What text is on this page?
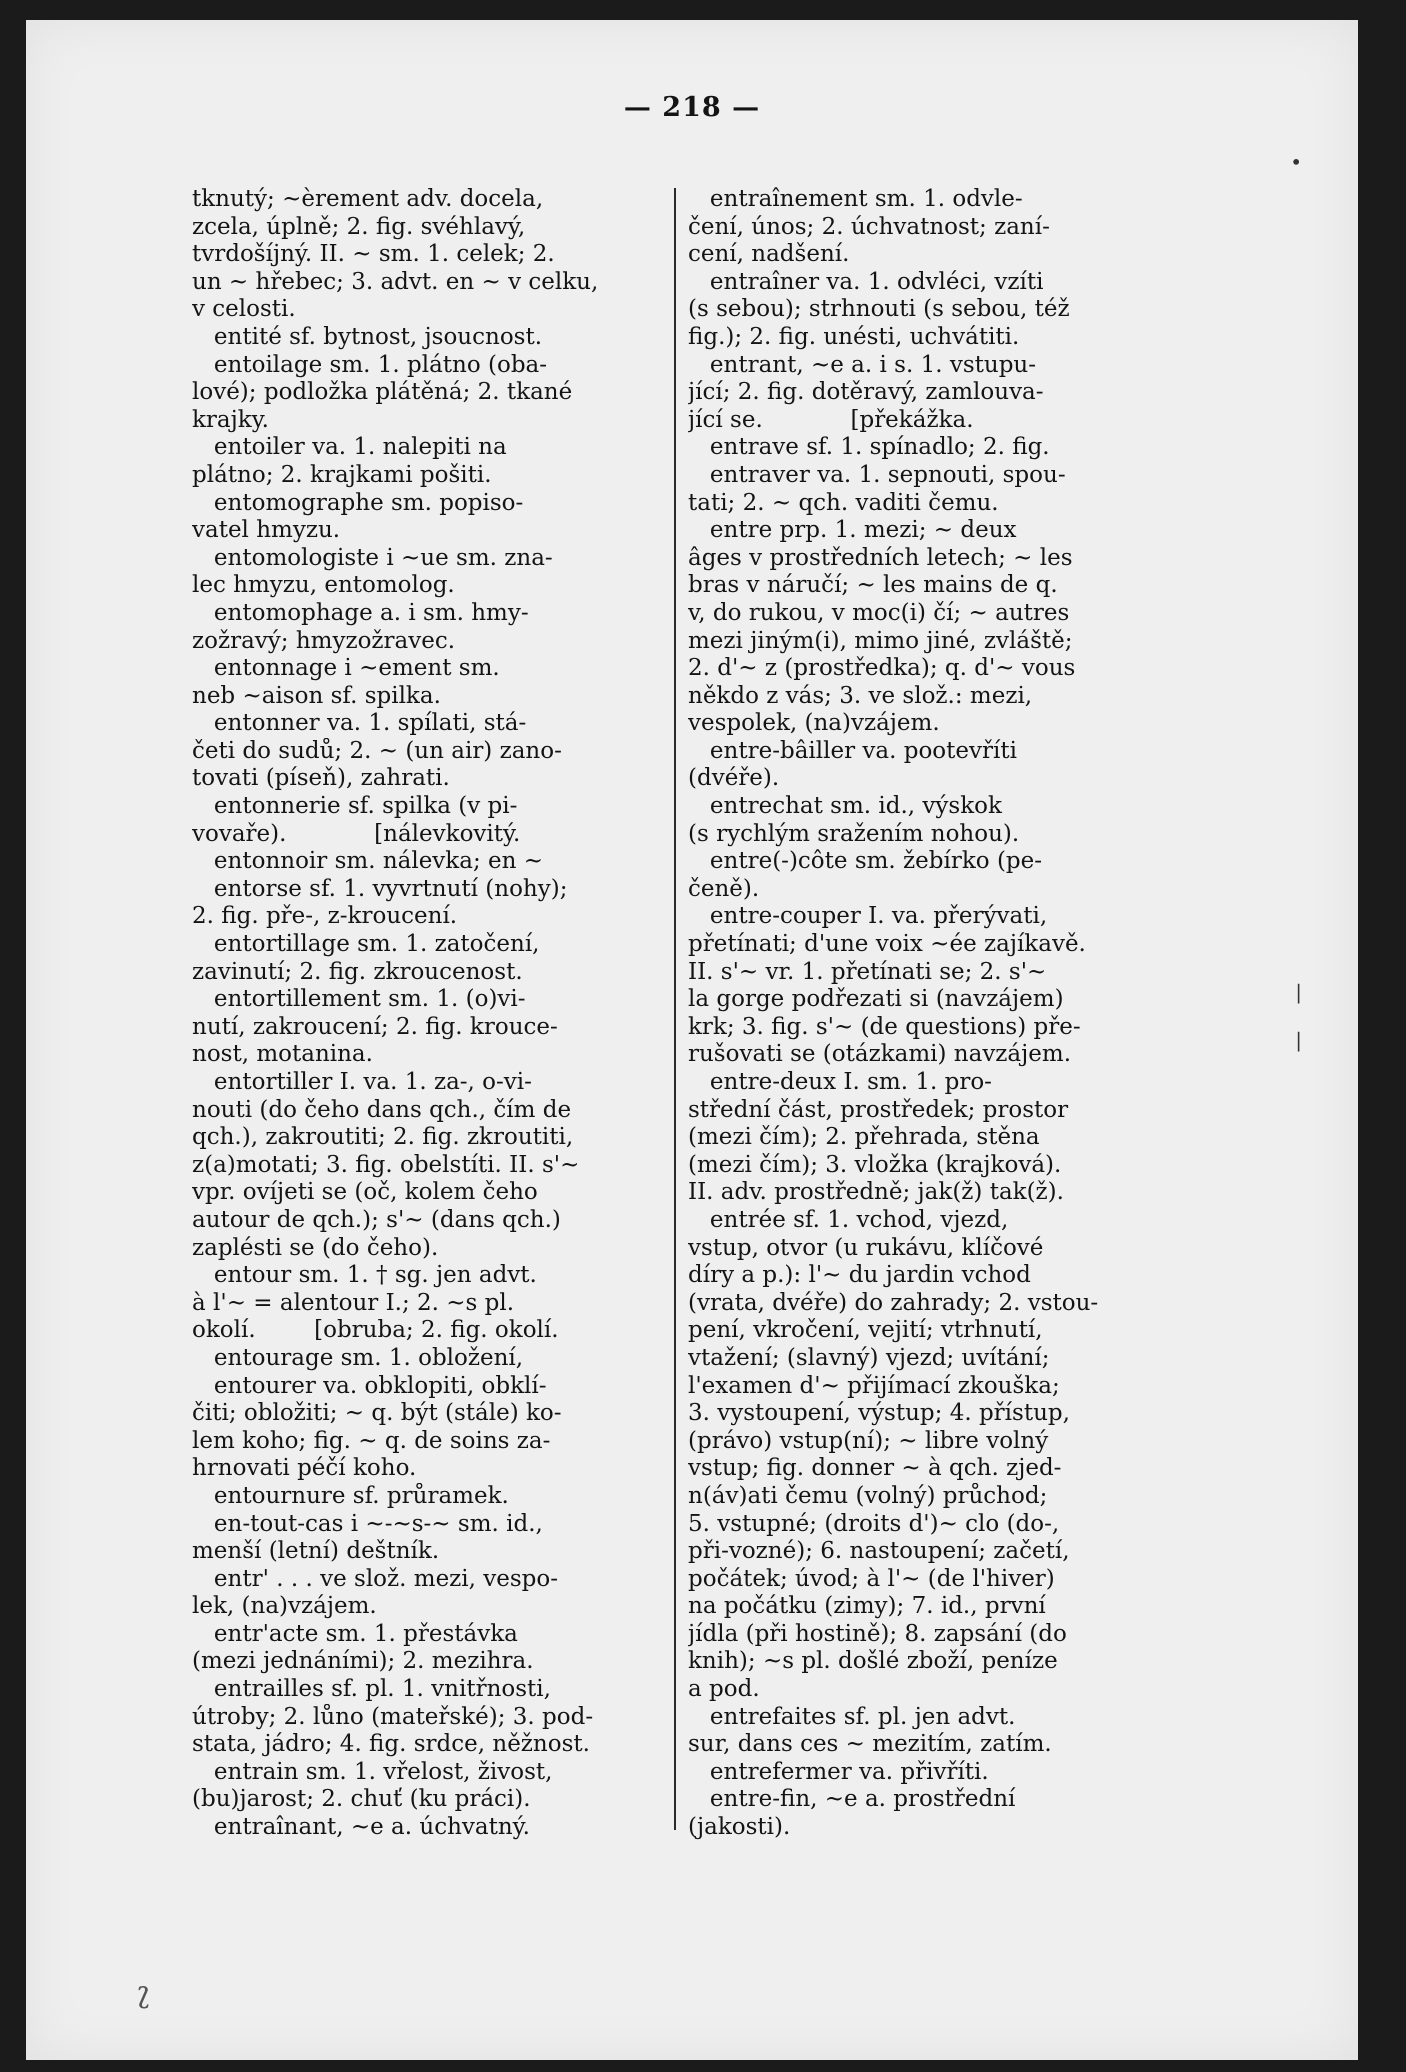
— 218 —
tknutý; ~èrement adv. docela,
zcela, úplně; 2. fig. svéhlavý,
tvrdošíjný. II. ~ sm. 1. celek; 2.
un ~ hřebec; 3. advt. en ~ v celku,
v celosti.
entité sf. bytnost, jsoucnost.
entoilage sm. 1. plátno (oba-
lové); podložka plátěná; 2. tkané
krajky.
entoiler va. 1. nalepiti na
plátno; 2. krajkami pošiti.
entomographe sm. popiso-
vatel hmyzu.
entomologiste i ~ue sm. zna-
lec hmyzu, entomolog.
entomophage a. i sm. hmy-
zožravý; hmyzožravec.
entonnage i ~ement sm.
neb ~aison sf. spilka.
entonner va. 1. spílati, stá-
četi do sudů; 2. ~ (un air) zano-
tovati (píseň), zahrati.
entonnerie sf. spilka (v pi-
vovaře).            [nálevkovitý.
entonnoir sm. nálevka; en ~
entorse sf. 1. vyvrtnutí (nohy);
2. fig. pře-, z-kroucení.
entortillage sm. 1. zatočení,
zavinutí; 2. fig. zkroucenost.
entortillement sm. 1. (o)vi-
nutí, zakroucení; 2. fig. krouce-
nost, motanina.
entortiller I. va. 1. za-, o-vi-
nouti (do čeho dans qch., čím de
qch.), zakroutiti; 2. fig. zkroutiti,
z(a)motati; 3. fig. obelstíti. II. s'~
vpr. ovíjeti se (oč, kolem čeho
autour de qch.); s'~ (dans qch.)
zaplésti se (do čeho).
entour sm. 1. † sg. jen advt.
à l'~ = alentour I.; 2. ~s pl.
okolí.        [obruba; 2. fig. okolí.
entourage sm. 1. obložení,
entourer va. obklopiti, obklí-
čiti; obložiti; ~ q. být (stále) ko-
lem koho; fig. ~ q. de soins za-
hrnovati péčí koho.
entournure sf. průramek.
en-tout-cas i ~-~s-~ sm. id.,
menší (letní) deštník.
entr' . . . ve slož. mezi, vespo-
lek, (na)vzájem.
entr'acte sm. 1. přestávka
(mezi jednáními); 2. mezihra.
entrailles sf. pl. 1. vnitřnosti,
útroby; 2. lůno (mateřské); 3. pod-
stata, jádro; 4. fig. srdce, něžnost.
entrain sm. 1. vřelost, živost,
(bu)jarost; 2. chuť (ku práci).
entraînant, ~e a. úchvatný.
entraînement sm. 1. odvle-
čení, únos; 2. úchvatnost; zaní-
cení, nadšení.
entraîner va. 1. odvléci, vzíti
(s sebou); strhnouti (s sebou, též
fig.); 2. fig. unésti, uchvátiti.
entrant, ~e a. i s. 1. vstupu-
jící; 2. fig. dotěravý, zamlouva-
jící se.            [překážka.
entrave sf. 1. spínadlo; 2. fig.
entraver va. 1. sepnouti, spou-
tati; 2. ~ qch. vaditi čemu.
entre prp. 1. mezi; ~ deux
âges v prostředních letech; ~ les
bras v náručí; ~ les mains de q.
v, do rukou, v moc(i) čí; ~ autres
mezi jiným(i), mimo jiné, zvláště;
2. d'~ z (prostředka); q. d'~ vous
někdo z vás; 3. ve slož.: mezi,
vespolek, (na)vzájem.
entre-bâiller va. pootevříti
(dvéře).
entrechat sm. id., výskok
(s rychlým sražením nohou).
entre(-)côte sm. žebírko (pe-
čeně).
entre-couper I. va. přerývati,
přetínati; d'une voix ~ée zajíkavě.
II. s'~ vr. 1. přetínati se; 2. s'~
la gorge podřezati si (navzájem)
krk; 3. fig. s'~ (de questions) pře-
rušovati se (otázkami) navzájem.
entre-deux I. sm. 1. pro-
střední část, prostředek; prostor
(mezi čím); 2. přehrada, stěna
(mezi čím); 3. vložka (krajková).
II. adv. prostředně; jak(ž) tak(ž).
entrée sf. 1. vchod, vjezd,
vstup, otvor (u rukávu, klíčové
díry a p.): l'~ du jardin vchod
(vrata, dvéře) do zahrady; 2. vstou-
pení, vkročení, vejití; vtrhnutí,
vtažení; (slavný) vjezd; uvítání;
l'examen d'~ přijímací zkouška;
3. vystoupení, výstup; 4. přístup,
(právo) vstup(ní); ~ libre volný
vstup; fig. donner ~ à qch. zjed-
n(áv)ati čemu (volný) průchod;
5. vstupné; (droits d')~ clo (do-,
při-vozné); 6. nastoupení; začetí,
počátek; úvod; à l'~ (de l'hiver)
na počátku (zimy); 7. id., první
jídla (při hostině); 8. zapsání (do
knih); ~s pl. došlé zboží, peníze
a pod.
entrefaites sf. pl. jen advt.
sur, dans ces ~ mezitím, zatím.
entrefermer va. přivříti.
entre-fin, ~e a. prostřední
(jakosti).
•
|
|
ʅ
